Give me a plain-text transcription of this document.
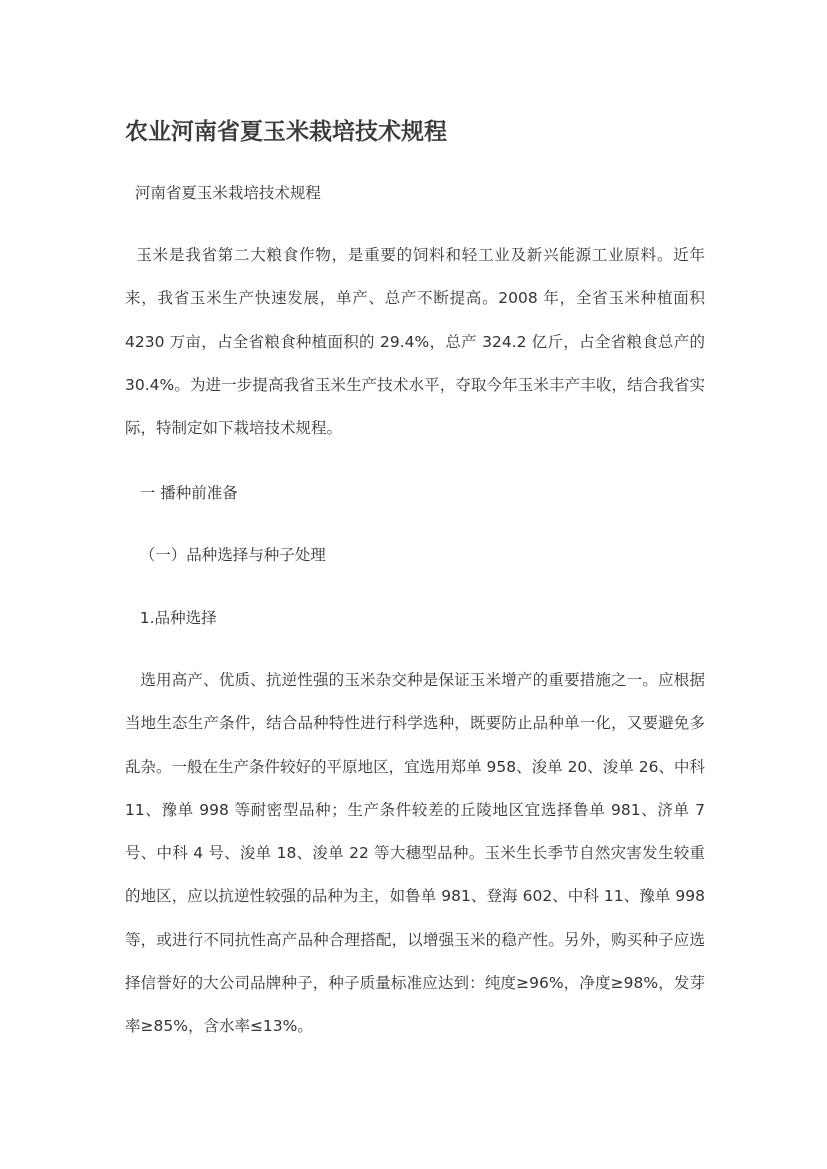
农业河南省夏玉米栽培技术规程

河南省夏玉米栽培技术规程

玉米是我省第二大粮食作物，是重要的饲料和轻工业及新兴能源工业原料。近年来，我省玉米生产快速发展，单产、总产不断提高。2008 年，全省玉米种植面积 4230 万亩，占全省粮食种植面积的 29.4%，总产 324.2 亿斤，占全省粮食总产的 30.4%。为进一步提高我省玉米生产技术水平，夺取今年玉米丰产丰收，结合我省实际，特制定如下栽培技术规程。

一 播种前准备

（一）品种选择与种子处理

1.品种选择

选用高产、优质、抗逆性强的玉米杂交种是保证玉米增产的重要措施之一。应根据当地生态生产条件，结合品种特性进行科学选种，既要防止品种单一化，又要避免多乱杂。一般在生产条件较好的平原地区，宜选用郑单 958、浚单 20、浚单 26、中科 11、豫单 998 等耐密型品种；生产条件较差的丘陵地区宜选择鲁单 981、济单 7 号、中科 4 号、浚单 18、浚单 22 等大穗型品种。玉米生长季节自然灾害发生较重的地区，应以抗逆性较强的品种为主，如鲁单 981、登海 602、中科 11、豫单 998 等，或进行不同抗性高产品种合理搭配，以增强玉米的稳产性。另外，购买种子应选择信誉好的大公司品牌种子，种子质量标准应达到：纯度≥96%，净度≥98%，发芽率≥85%，含水率≤13%。
